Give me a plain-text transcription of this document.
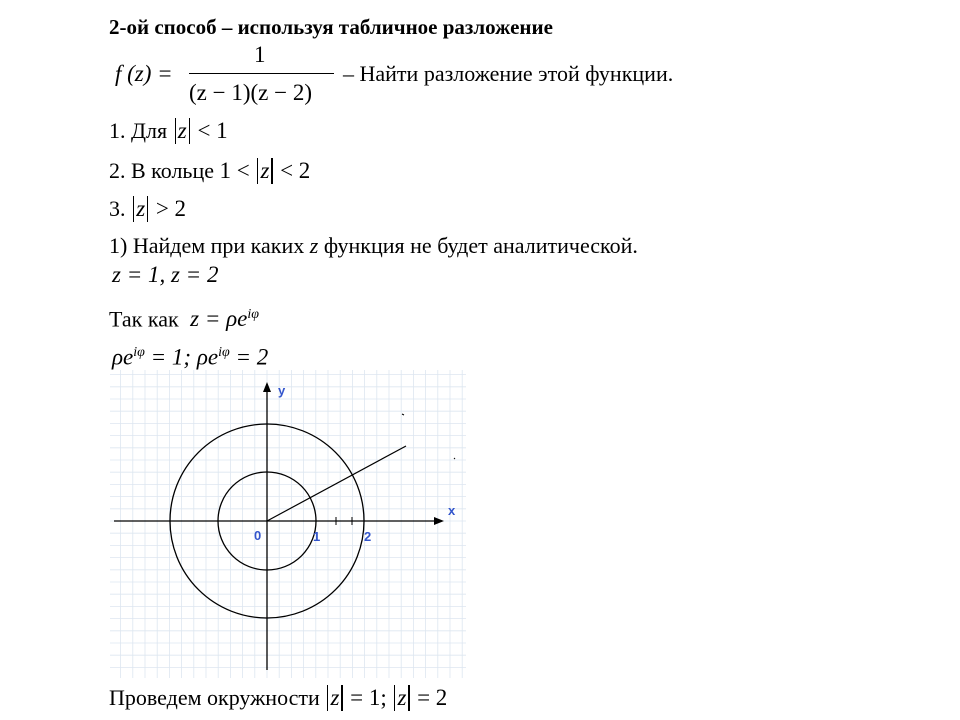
2-ой способ – используя табличное разложение
f (z) =
1
(z − 1)(z − 2)
– Найти разложение этой функции.
1. Для z < 1
2. В кольце 1 < z < 2
3. z > 2
1) Найдем при каких z функция не будет аналитической.
z = 1, z = 2
Так как $z = \rho e^{i\varphi}$
$\rho e^{i\varphi} = 1$; $\rho e^{i\varphi} = 2$
y
x
0	1	2
Проведем окружности z = 1; z = 2
